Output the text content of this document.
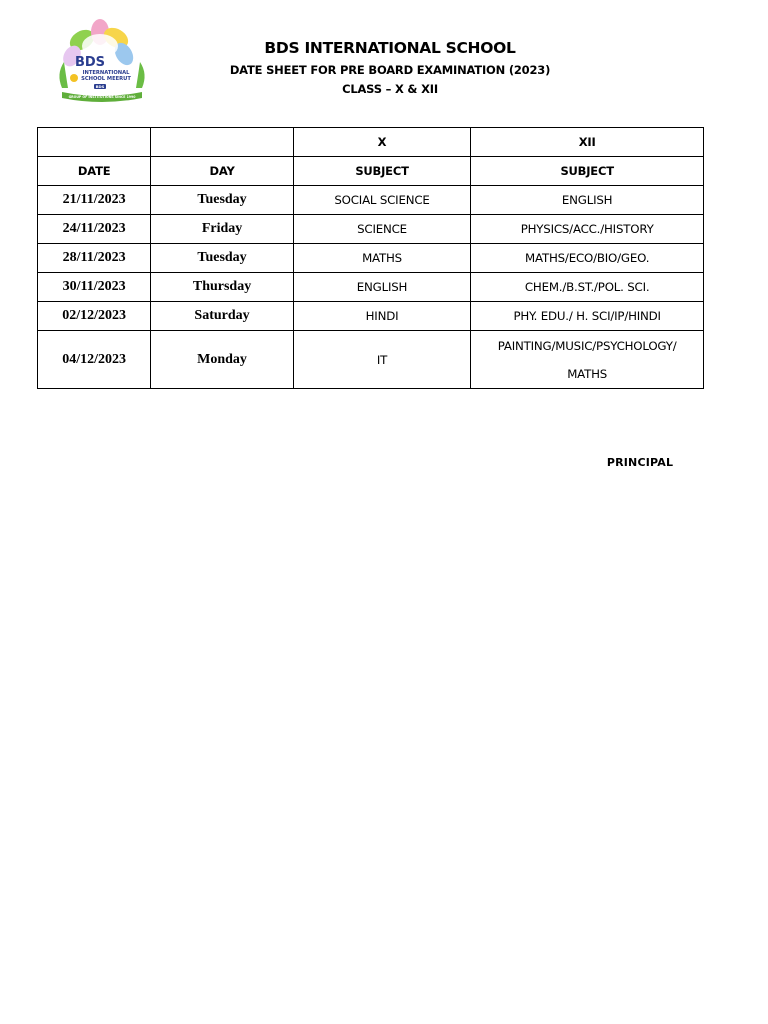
BDS
INTERNATIONAL
SCHOOL MEERUT
BDS
GROUP OF INSTITUTIONS SINCE 1990
BDS INTERNATIONAL SCHOOL
DATE SHEET FOR PRE BOARD EXAMINATION (2023)
CLASS – X & XII
		X	XII
DATE	DAY	SUBJECT	SUBJECT
21/11/2023	Tuesday	SOCIAL SCIENCE	ENGLISH
24/11/2023	Friday	SCIENCE	PHYSICS/ACC./HISTORY
28/11/2023	Tuesday	MATHS	MATHS/ECO/BIO/GEO.
30/11/2023	Thursday	ENGLISH	CHEM./B.ST./POL. SCI.
02/12/2023	Saturday	HINDI	PHY. EDU./ H. SCI/IP/HINDI
04/12/2023	Monday	IT	PAINTING/MUSIC/PSYCHOLOGY/
MATHS
PRINCIPAL
